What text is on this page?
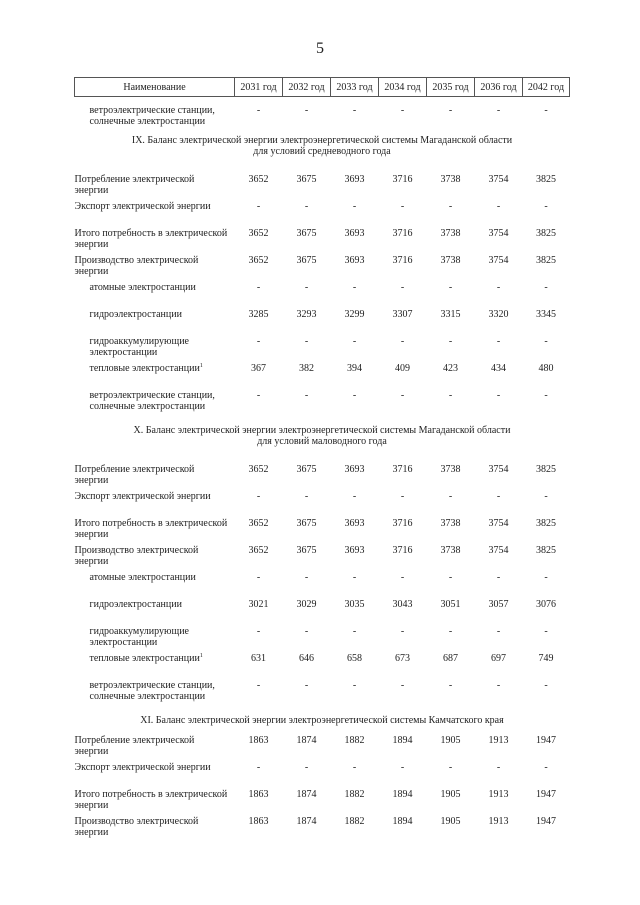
5
Наименование	2031 год	2032 год	2033 год	2034 год	2035 год	2036 год	2042 год
ветроэлектрические станции, солнечные электростанции	-	-	-	-	-	-	-
IX. Баланс электрической энергии электроэнергетической системы Магаданской области
для условий средневодного года							
Потребление электрической энергии	3652	3675	3693	3716	3738	3754	3825
Экспорт электрической энергии	-	-	-	-	-	-	-
Итого потребность в электрической энергии	3652	3675	3693	3716	3738	3754	3825
Производство электрической энергии	3652	3675	3693	3716	3738	3754	3825
атомные электростанции	-	-	-	-	-	-	-
гидроэлектростанции	3285	3293	3299	3307	3315	3320	3345
гидроаккумулирующие электростанции	-	-	-	-	-	-	-
тепловые электростанции$^1$	367	382	394	409	423	434	480
ветроэлектрические станции, солнечные электростанции	-	-	-	-	-	-	-
X. Баланс электрической энергии электроэнергетической системы Магаданской области
для условий маловодного года							
Потребление электрической энергии	3652	3675	3693	3716	3738	3754	3825
Экспорт электрической энергии	-	-	-	-	-	-	-
Итого потребность в электрической энергии	3652	3675	3693	3716	3738	3754	3825
Производство электрической энергии	3652	3675	3693	3716	3738	3754	3825
атомные электростанции	-	-	-	-	-	-	-
гидроэлектростанции	3021	3029	3035	3043	3051	3057	3076
гидроаккумулирующие электростанции	-	-	-	-	-	-	-
тепловые электростанции$^1$	631	646	658	673	687	697	749
ветроэлектрические станции, солнечные электростанции	-	-	-	-	-	-	-
XI. Баланс электрической энергии электроэнергетической системы Камчатского края							
Потребление электрической энергии	1863	1874	1882	1894	1905	1913	1947
Экспорт электрической энергии	-	-	-	-	-	-	-
Итого потребность в электрической энергии	1863	1874	1882	1894	1905	1913	1947
Производство электрической энергии	1863	1874	1882	1894	1905	1913	1947
